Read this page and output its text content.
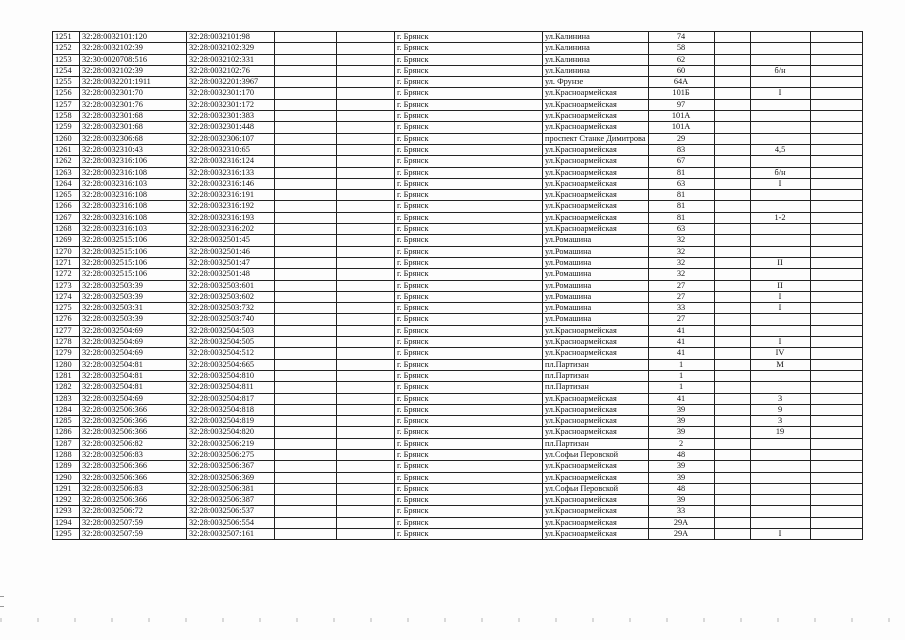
1251	32:28:0032101:120	32:28:0032101:98			г. Брянск	ул.Калинина	74			
1252	32:28:0032102:39	32:28:0032102:329			г. Брянск	ул.Калинина	58			
1253	32:30:0020708:516	32:28:0032102:331			г. Брянск	ул.Калинина	62			
1254	32:28:0032102:39	32:28:0032102:76			г. Брянск	ул.Калинина	60		б/н	
1255	32:28:0032201:1911	32:28:0032201:3967			г. Брянск	ул. Фрунзе	64А			
1256	32:28:0032301:70	32:28:0032301:170			г. Брянск	ул.Красноармейская	101Б		I	
1257	32:28:0032301:76	32:28:0032301:172			г. Брянск	ул.Красноармейская	97			
1258	32:28:0032301:68	32:28:0032301:383			г. Брянск	ул.Красноармейская	101А			
1259	32:28:0032301:68	32:28:0032301:448			г. Брянск	ул.Красноармейская	101А			
1260	32:28:0032306:68	32:28:0032306:107			г. Брянск	проспект Станке Димитрова	29			
1261	32:28:0032310:43	32:28:0032310:65			г. Брянск	ул.Красноармейская	83		4,5	
1262	32:28:0032316:106	32:28:0032316:124			г. Брянск	ул.Красноармейская	67			
1263	32:28:0032316:108	32:28:0032316:133			г. Брянск	ул.Красноармейская	81		б/н	
1264	32:28:0032316:103	32:28:0032316:146			г. Брянск	ул.Красноармейская	63		I	
1265	32:28:0032316:108	32:28:0032316:191			г. Брянск	ул.Красноармейская	81			
1266	32:28:0032316:108	32:28:0032316:192			г. Брянск	ул.Красноармейская	81			
1267	32:28:0032316:108	32:28:0032316:193			г. Брянск	ул.Красноармейская	81		1-2	
1268	32:28:0032316:103	32:28:0032316:202			г. Брянск	ул.Красноармейская	63			
1269	32:28:0032515:106	32:28:0032501:45			г. Брянск	ул.Ромашина	32			
1270	32:28:0032515:106	32:28:0032501:46			г. Брянск	ул.Ромашина	32			
1271	32:28:0032515:106	32:28:0032501:47			г. Брянск	ул.Ромашина	32		II	
1272	32:28:0032515:106	32:28:0032501:48			г. Брянск	ул.Ромашина	32			
1273	32:28:0032503:39	32:28:0032503:601			г. Брянск	ул.Ромашина	27		II	
1274	32:28:0032503:39	32:28:0032503:602			г. Брянск	ул.Ромашина	27		I	
1275	32:28:0032503:31	32:28:0032503:732			г. Брянск	ул.Ромашина	33		I	
1276	32:28:0032503:39	32:28:0032503:740			г. Брянск	ул.Ромашина	27			
1277	32:28:0032504:69	32:28:0032504:503			г. Брянск	ул.Красноармейская	41			
1278	32:28:0032504:69	32:28:0032504:505			г. Брянск	ул.Красноармейская	41		I	
1279	32:28:0032504:69	32:28:0032504:512			г. Брянск	ул.Красноармейская	41		IV	
1280	32:28:0032504:81	32:28:0032504:665			г. Брянск	пл.Партизан	1		М	
1281	32:28:0032504:81	32:28:0032504:810			г. Брянск	пл.Партизан	1			
1282	32:28:0032504:81	32:28:0032504:811			г. Брянск	пл.Партизан	1			
1283	32:28:0032504:69	32:28:0032504:817			г. Брянск	ул.Красноармейская	41		3	
1284	32:28:0032506:366	32:28:0032504:818			г. Брянск	ул.Красноармейская	39		9	
1285	32:28:0032506:366	32:28:0032504:819			г. Брянск	ул.Красноармейская	39		3	
1286	32:28:0032506:366	32:28:0032504:820			г. Брянск	ул.Красноармейская	39		19	
1287	32:28:0032506:82	32:28:0032506:219			г. Брянск	пл.Партизан	2			
1288	32:28:0032506:83	32:28:0032506:275			г. Брянск	ул.Софьи Перовской	48			
1289	32:28:0032506:366	32:28:0032506:367			г. Брянск	ул.Красноармейская	39			
1290	32:28:0032506:366	32:28:0032506:369			г. Брянск	ул.Красноармейская	39			
1291	32:28:0032506:83	32:28:0032506:381			г. Брянск	ул.Софьи Перовской	48			
1292	32:28:0032506:366	32:28:0032506:387			г. Брянск	ул.Красноармейская	39			
1293	32:28:0032506:72	32:28:0032506:537			г. Брянск	ул.Красноармейская	33			
1294	32:28:0032507:59	32:28:0032506:554			г. Брянск	ул.Красноармейская	29А			
1295	32:28:0032507:59	32:28:0032507:161			г. Брянск	ул.Красноармейская	29А		I	
